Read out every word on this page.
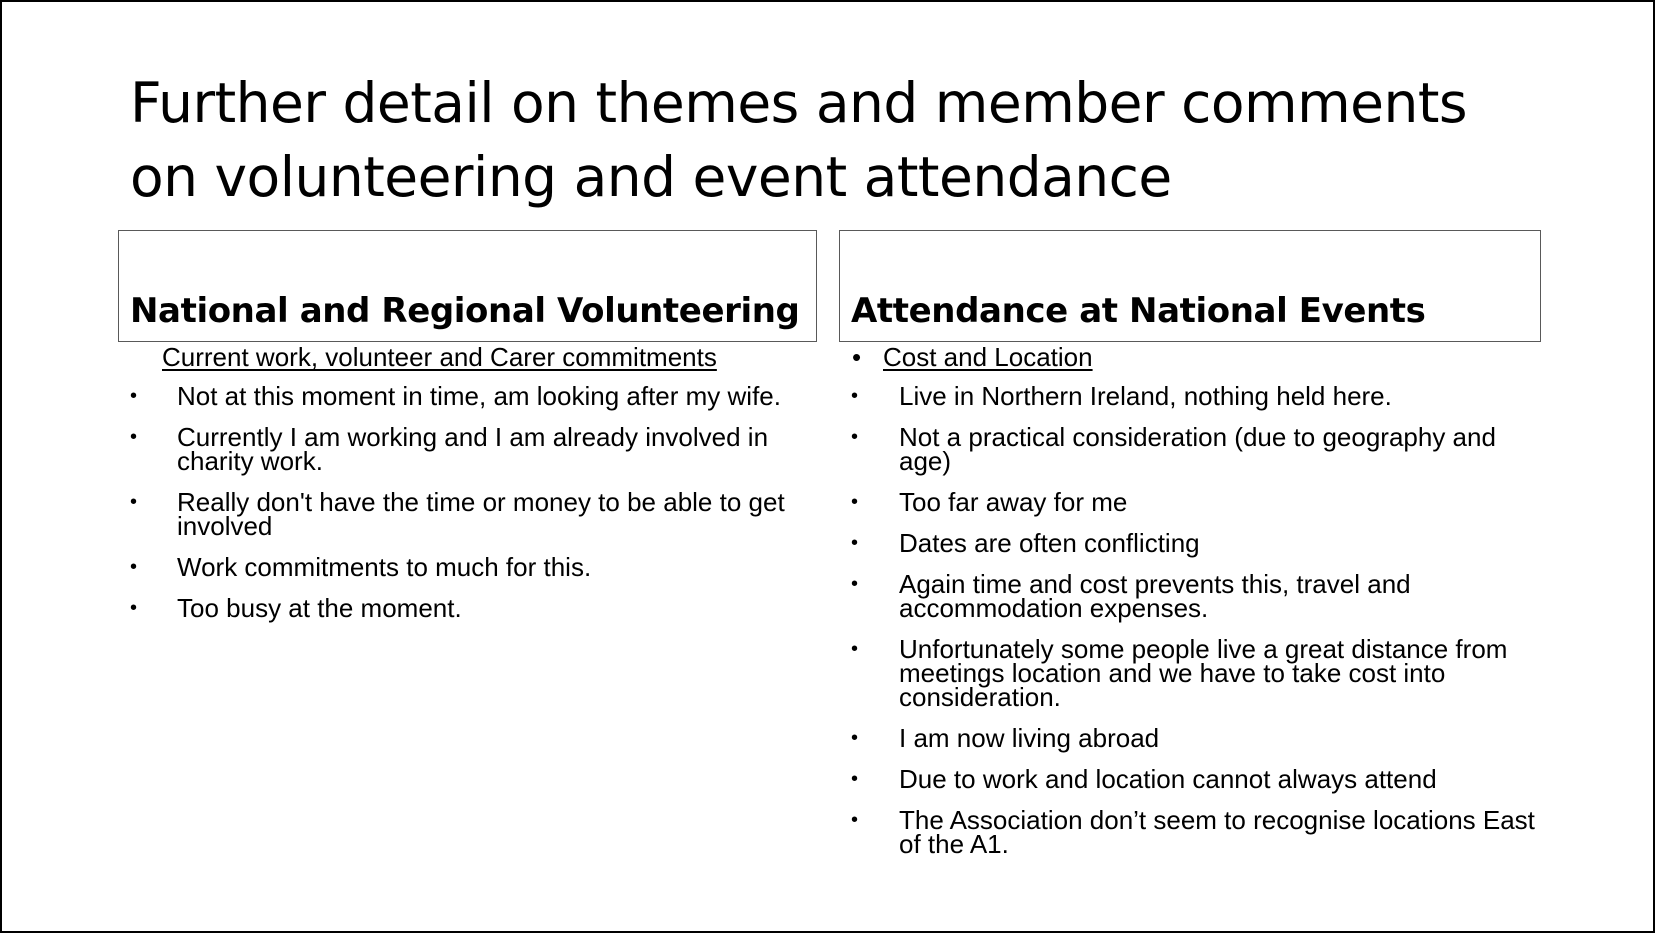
Further detail on themes and member comments
on volunteering and event attendance
National and Regional Volunteering
Current work, volunteer and Carer commitments
• Not at this moment in time, am looking after my wife.
• Currently I am working and I am already involved in charity work.
• Really don't have the time or money to be able to get involved
• Work commitments to much for this.
• Too busy at the moment.
Attendance at National Events
• Cost and Location
• Live in Northern Ireland, nothing held here.
• Not a practical consideration (due to geography and age)
• Too far away for me
• Dates are often conflicting
• Again time and cost prevents this, travel and accommodation expenses.
• Unfortunately some people live a great distance from meetings location and we have to take cost into consideration.
• I am now living abroad
• Due to work and location cannot always attend
• The Association don’t seem to recognise locations East of the A1.
